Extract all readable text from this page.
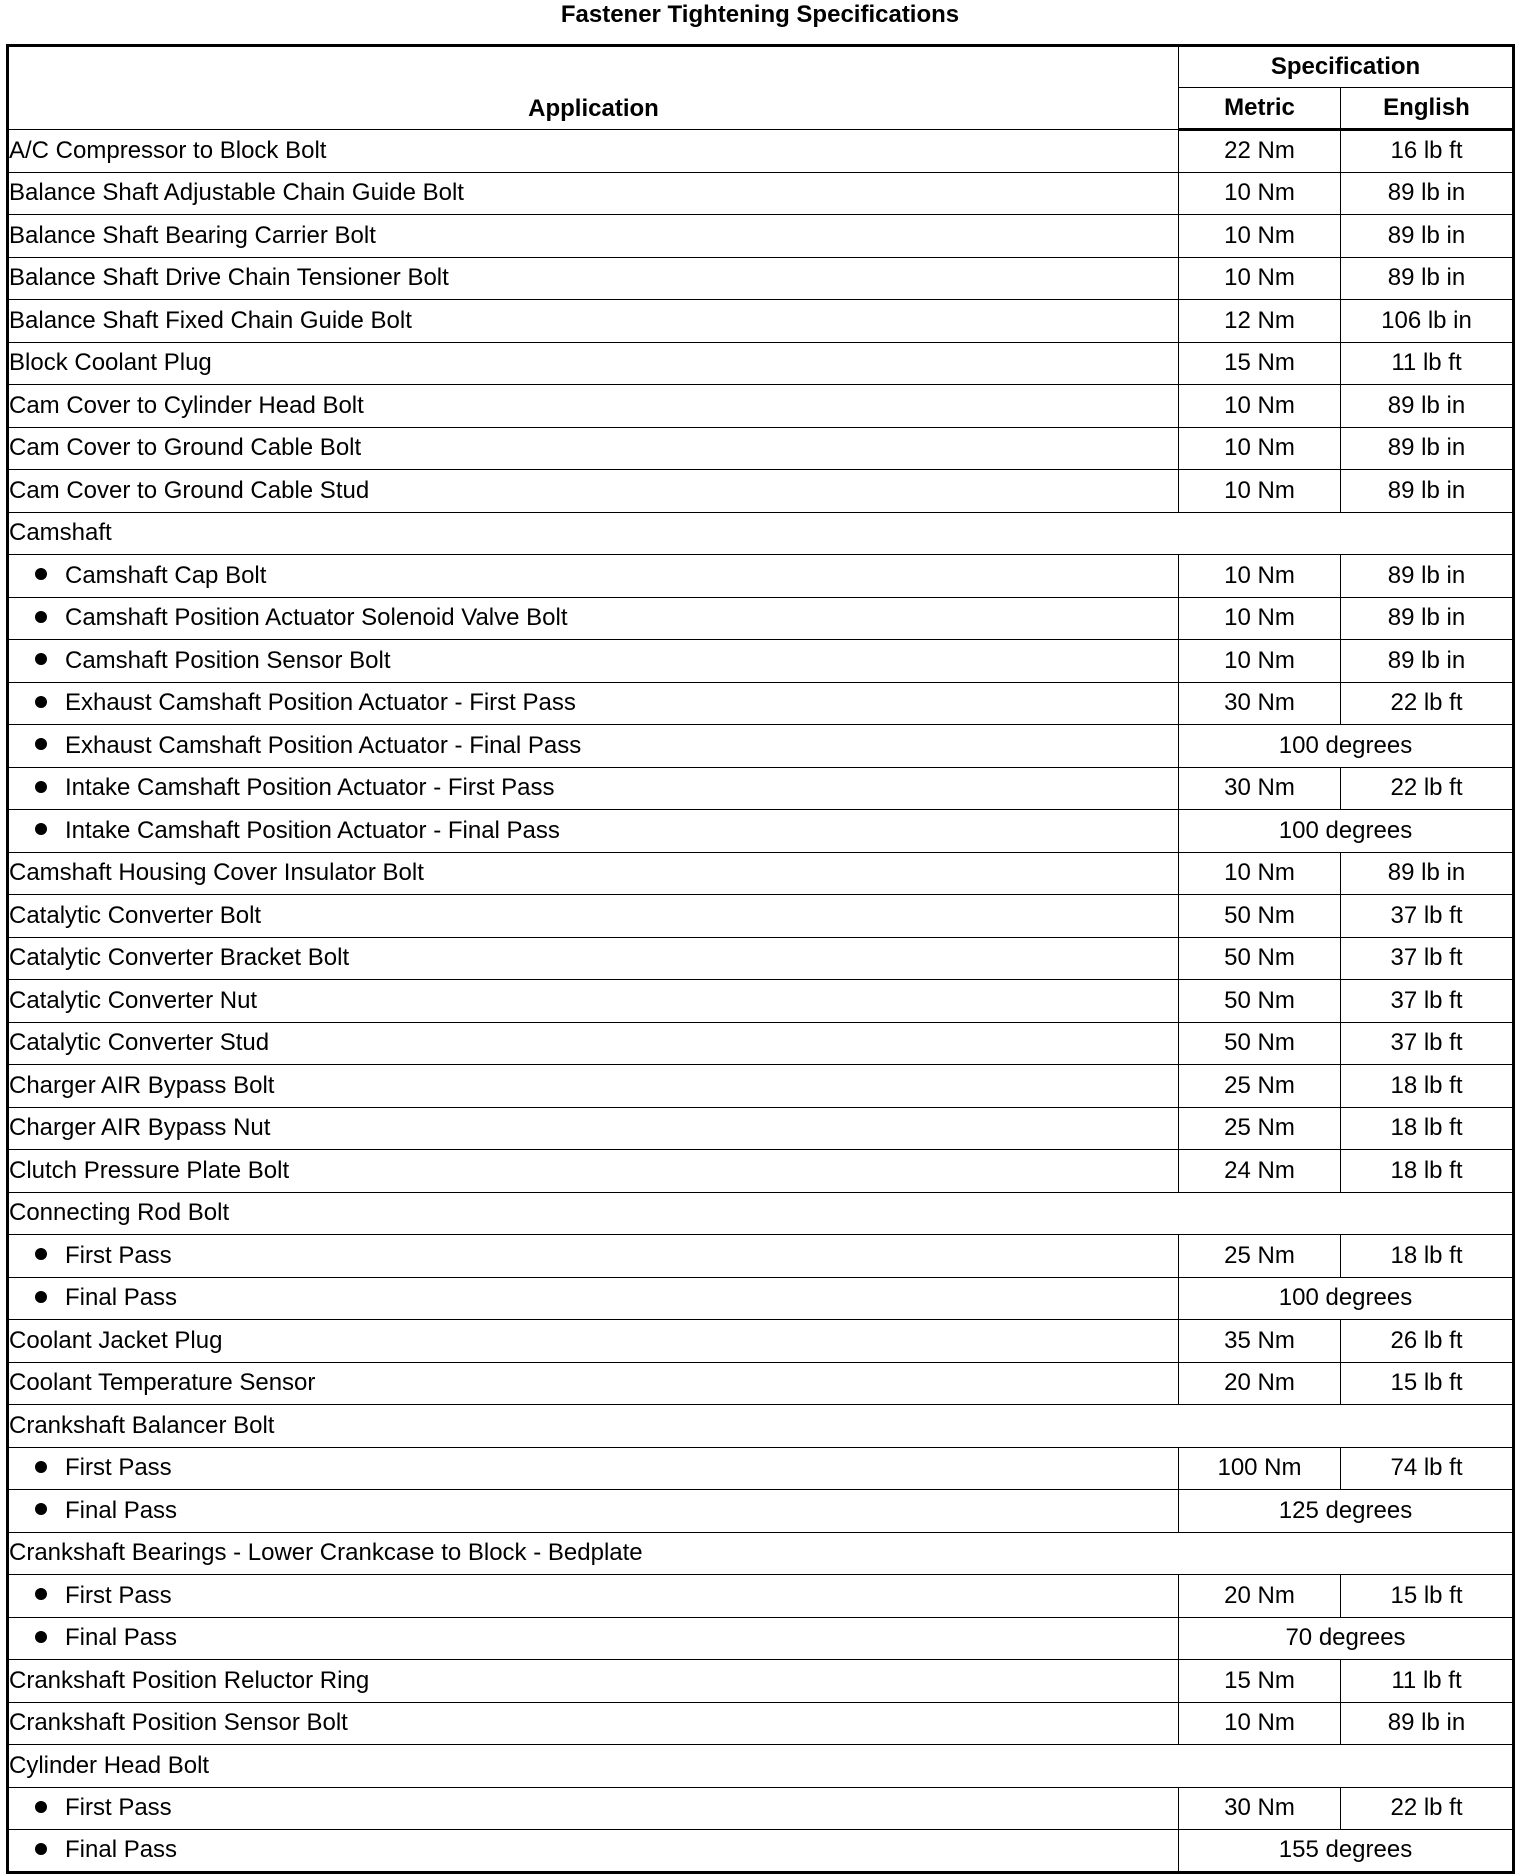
Fastener Tightening Specifications
Application	Specification	
	Metric	English
A/C Compressor to Block Bolt	22 Nm	16 lb ft
Balance Shaft Adjustable Chain Guide Bolt	10 Nm	89 lb in
Balance Shaft Bearing Carrier Bolt	10 Nm	89 lb in
Balance Shaft Drive Chain Tensioner Bolt	10 Nm	89 lb in
Balance Shaft Fixed Chain Guide Bolt	12 Nm	106 lb in
Block Coolant Plug	15 Nm	11 lb ft
Cam Cover to Cylinder Head Bolt	10 Nm	89 lb in
Cam Cover to Ground Cable Bolt	10 Nm	89 lb in
Cam Cover to Ground Cable Stud	10 Nm	89 lb in
Camshaft		
Camshaft Cap Bolt	10 Nm	89 lb in
Camshaft Position Actuator Solenoid Valve Bolt	10 Nm	89 lb in
Camshaft Position Sensor Bolt	10 Nm	89 lb in
Exhaust Camshaft Position Actuator - First Pass	30 Nm	22 lb ft
Exhaust Camshaft Position Actuator - Final Pass	100 degrees	
Intake Camshaft Position Actuator - First Pass	30 Nm	22 lb ft
Intake Camshaft Position Actuator - Final Pass	100 degrees	
Camshaft Housing Cover Insulator Bolt	10 Nm	89 lb in
Catalytic Converter Bolt	50 Nm	37 lb ft
Catalytic Converter Bracket Bolt	50 Nm	37 lb ft
Catalytic Converter Nut	50 Nm	37 lb ft
Catalytic Converter Stud	50 Nm	37 lb ft
Charger AIR Bypass Bolt	25 Nm	18 lb ft
Charger AIR Bypass Nut	25 Nm	18 lb ft
Clutch Pressure Plate Bolt	24 Nm	18 lb ft
Connecting Rod Bolt		
First Pass	25 Nm	18 lb ft
Final Pass	100 degrees	
Coolant Jacket Plug	35 Nm	26 lb ft
Coolant Temperature Sensor	20 Nm	15 lb ft
Crankshaft Balancer Bolt		
First Pass	100 Nm	74 lb ft
Final Pass	125 degrees	
Crankshaft Bearings - Lower Crankcase to Block - Bedplate		
First Pass	20 Nm	15 lb ft
Final Pass	70 degrees	
Crankshaft Position Reluctor Ring	15 Nm	11 lb ft
Crankshaft Position Sensor Bolt	10 Nm	89 lb in
Cylinder Head Bolt		
First Pass	30 Nm	22 lb ft
Final Pass	155 degrees	
